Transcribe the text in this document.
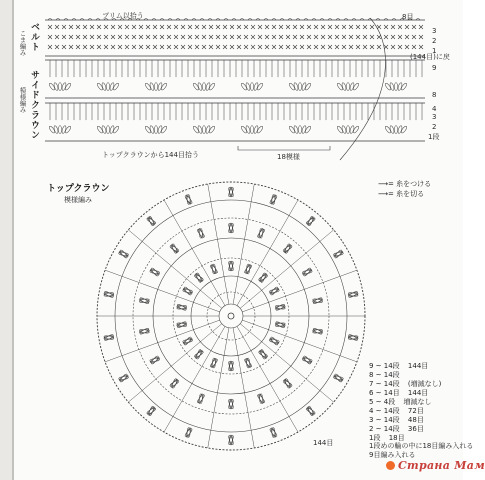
ベルト
こま編み
サイドクラウン
模様編み
ブリム以拾う	8目
トップクラウンから144目拾う	18模様
144目
3
2
1
9
(144目)に戻
8
4
3
2
1段
トップクラウン
模様編み
⟶= 糸をつける
⟶= 糸を切る
9 ~ 14段 144目
8 ~ 14段
7 ~ 14段 (増減なし)
6 ~ 14目 144目
5 ~ 4段 増減なし
4 ~ 14段 72目
3 ~ 14段 48目
2 ~ 14段 36目
1段 18目
1段めの輪の中に18目編み入れる
9目編み入れる
Страна Мам
